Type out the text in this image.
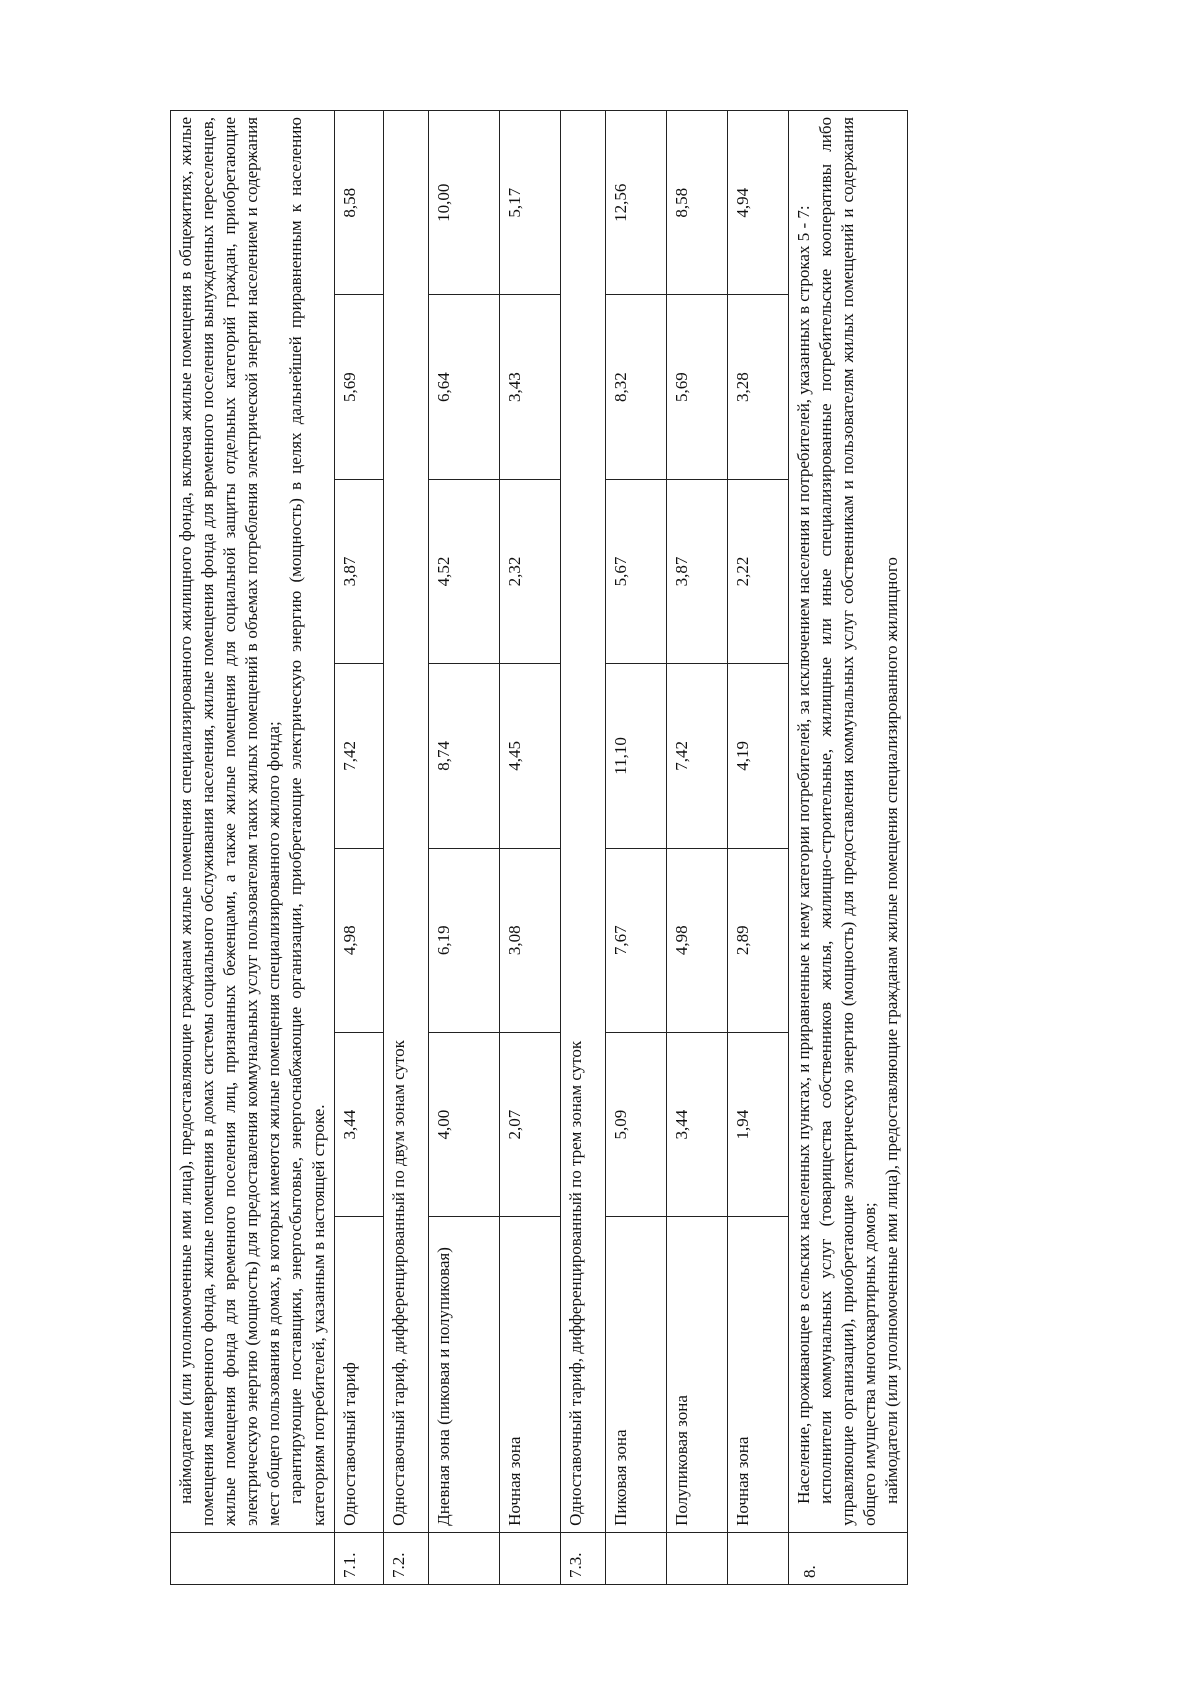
	наймодатели (или уполномоченные ими лица), предоставляющие гражданам жилые помещения специализированного жилищного фонда, включая жилые помещения в общежитиях, жилые помещения маневренного фонда, жилые помещения в домах системы социального обслуживания населения, жилые помещения фонда для временного поселения вынужденных переселенцев, жилые помещения фонда для временного поселения лиц, признанных беженцами, а также жилые помещения для социальной защиты отдельных категорий граждан, приобретающие электрическую энергию (мощность) для предоставления коммунальных услуг пользователям таких жилых помещений в объемах потребления электрической энергии населением и содержания мест общего пользования в домах, в которых имеются жилые помещения специализированного жилого фонда; гарантирующие поставщики, энергосбытовые, энергоснабжающие организации, приобретающие электрическую энергию (мощность) в целях дальнейшей приравненным к населению категориям потребителей, указанным в настоящей строке.						

7.1.	Одноставочный тариф	3,44	4,98	7,42	3,87	5,69	8,58
7.2.	Одноставочный тариф, дифференцированный по двум зонам суток						
	Дневная зона (пиковая и полупиковая)	4,00	6,19	8,74	4,52	6,64	10,00
	Ночная зона	2,07	3,08	4,45	2,32	3,43	5,17
7.3.	Одноставочный тариф, дифференцированный по трем зонам суток						
	Пиковая зона	5,09	7,67	11,10	5,67	8,32	12,56
	Полупиковая зона	3,44	4,98	7,42	3,87	5,69	8,58
	Ночная зона	1,94	2,89	4,19	2,22	3,28	4,94
8.	Население, проживающее в сельских населенных пунктах, и приравненные к нему категории потребителей, за исключением населения и потребителей, указанных в строках 5 - 7: исполнители коммунальных услуг (товарищества собственников жилья, жилищно-строительные, жилищные или иные специализированные потребительские кооперативы либо управляющие организации), приобретающие электрическую энергию (мощность) для предоставления коммунальных услуг собственникам и пользователям жилых помещений и содержания общего имущества многоквартирных домов; наймодатели (или уполномоченные ими лица), предоставляющие гражданам жилые помещения специализированного жилищного						
